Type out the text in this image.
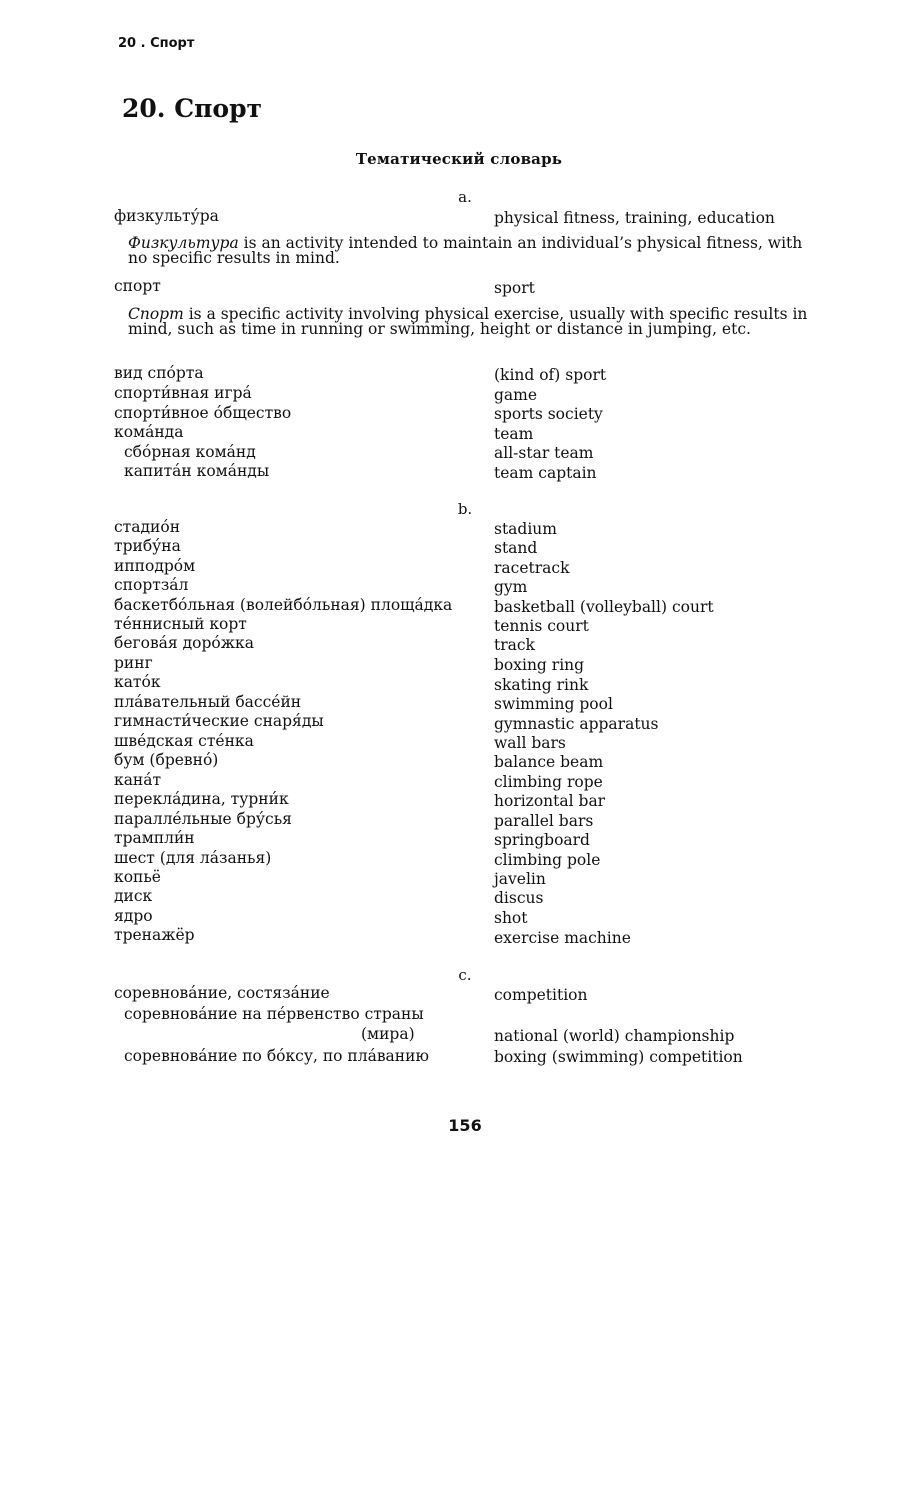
20 . Спорт
20. Спорт
Тематический словарь
a.
физкульту́ра	physical fitness, training, education

Физкультура is an activity intended to maintain an individual’s physical fitness, with no specific results in mind.

спорт	sport

Спорт is a specific activity involving physical exercise, usually with specific results in mind, such as time in running or swimming, height or distance in jumping, etc.

вид спо́рта	(kind of) sport
спорти́вная игра́	game
спорти́вное о́бщество	sports society
кома́нда	team
сбо́рная кома́нд	all-star team
капита́н кома́нды	team captain
b.
стадио́н	stadium
трибу́на	stand
ипподро́м	racetrack
спортза́л	gym
баскетбо́льная (волейбо́льная) площа́дка	basketball (volleyball) court
те́ннисный корт	tennis court
бегова́я доро́жка	track
ринг	boxing ring
като́к	skating rink
пла́вательный бассе́йн	swimming pool
гимнасти́ческие снаря́ды	gymnastic apparatus
шве́дская сте́нка	wall bars
бум (бревно́)	balance beam
кана́т	climbing rope
перекла́дина, турни́к	horizontal bar
паралле́льные бру́сья	parallel bars
трампли́н	springboard
шест (для ла́занья)	climbing pole
копьё	javelin
диск	discus
ядро	shot
тренажёр	exercise machine
c.
соревнова́ние, состяза́ние	competition
соревнова́ние на пе́рвенство страны
(мира)	national (world) championship
соревнова́ние по бо́ксу, по пла́ванию	boxing (swimming) competition
156
